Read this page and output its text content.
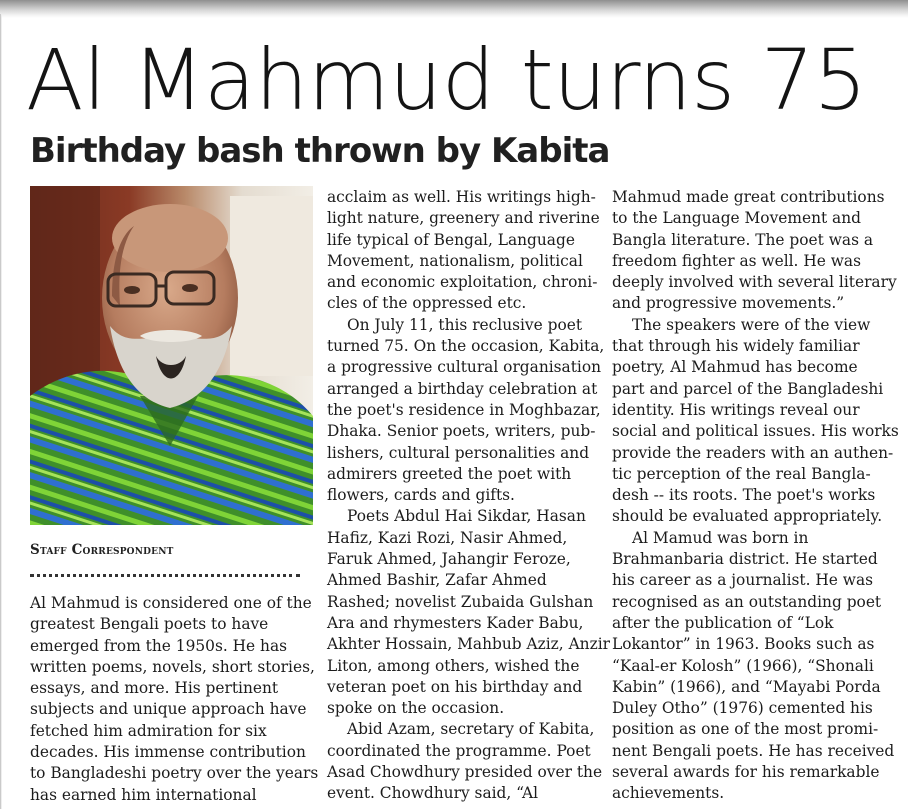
Al Mahmud turns 75
Birthday bash thrown by Kabita
Staff Correspondent
Al Mahmud is considered one of the
greatest Bengali poets to have
emerged from the 1950s. He has
written poems, novels, short stories,
essays, and more. His pertinent
subjects and unique approach have
fetched him admiration for six
decades. His immense contribution
to Bangladeshi poetry over the years
has earned him international
acclaim as well. His writings high-
light nature, greenery and riverine
life typical of Bengal, Language
Movement, nationalism, political
and economic exploitation, chroni-
cles of the oppressed etc.
On July 11, this reclusive poet
turned 75. On the occasion, Kabita,
a progressive cultural organisation
arranged a birthday celebration at
the poet's residence in Moghbazar,
Dhaka. Senior poets, writers, pub-
lishers, cultural personalities and
admirers greeted the poet with
flowers, cards and gifts.
Poets Abdul Hai Sikdar, Hasan
Hafiz, Kazi Rozi, Nasir Ahmed,
Faruk Ahmed, Jahangir Feroze,
Ahmed Bashir, Zafar Ahmed
Rashed; novelist Zubaida Gulshan
Ara and rhymesters Kader Babu,
Akhter Hossain, Mahbub Aziz, Anzir
Liton, among others, wished the
veteran poet on his birthday and
spoke on the occasion.
Abid Azam, secretary of Kabita,
coordinated the programme. Poet
Asad Chowdhury presided over the
event. Chowdhury said, “Al
Mahmud made great contributions
to the Language Movement and
Bangla literature. The poet was a
freedom fighter as well. He was
deeply involved with several literary
and progressive movements.”
The speakers were of the view
that through his widely familiar
poetry, Al Mahmud has become
part and parcel of the Bangladeshi
identity. His writings reveal our
social and political issues. His works
provide the readers with an authen-
tic perception of the real Bangla-
desh -- its roots. The poet's works
should be evaluated appropriately.
Al Mamud was born in
Brahmanbaria district. He started
his career as a journalist. He was
recognised as an outstanding poet
after the publication of “Lok
Lokantor” in 1963. Books such as
“Kaal-er Kolosh” (1966), “Shonali
Kabin” (1966), and “Mayabi Porda
Duley Otho” (1976) cemented his
position as one of the most promi-
nent Bengali poets. He has received
several awards for his remarkable
achievements.
